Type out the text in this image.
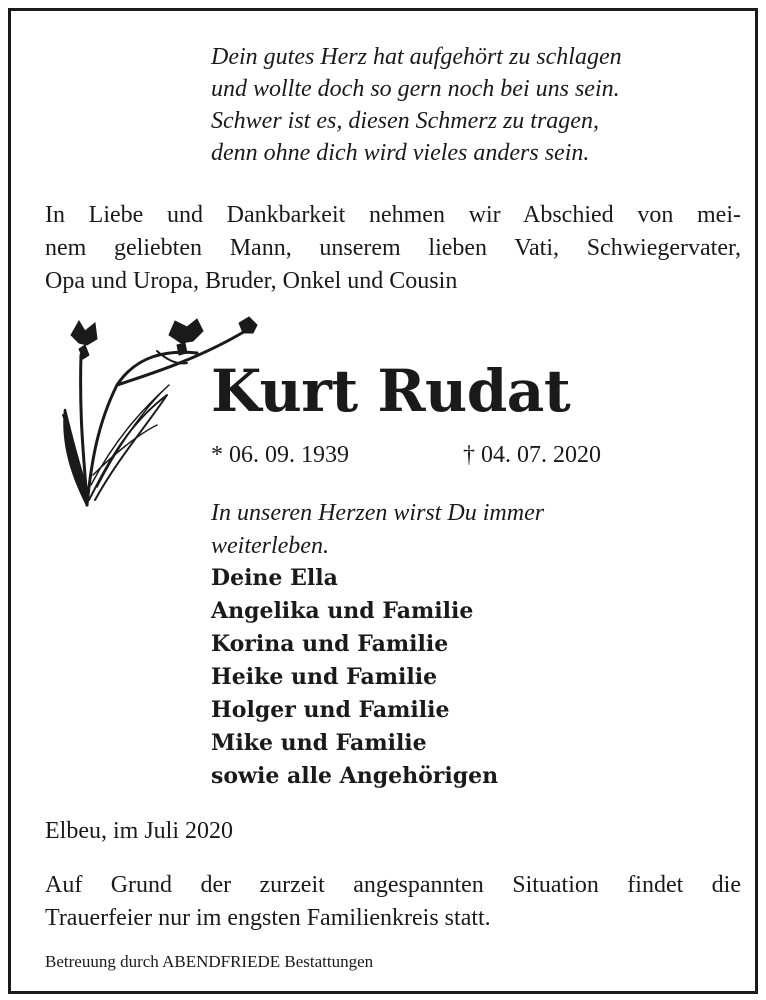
Dein gutes Herz hat aufgehört zu schlagen
und wollte doch so gern noch bei uns sein.
Schwer ist es, diesen Schmerz zu tragen,
denn ohne dich wird vieles anders sein.
In Liebe und Dankbarkeit nehmen wir Abschied von mei-
nem geliebten Mann, unserem lieben Vati, Schwiegervater,
Opa und Uropa, Bruder, Onkel und Cousin
Kurt Rudat
* 06. 09. 1939	† 04. 07. 2020
In unseren Herzen wirst Du immer
weiterleben.
Deine Ella
Angelika und Familie
Korina und Familie
Heike und Familie
Holger und Familie
Mike und Familie
sowie alle Angehörigen
Elbeu, im Juli 2020
Auf Grund der zurzeit angespannten Situation findet die
Trauerfeier nur im engsten Familienkreis statt.
Betreuung durch ABENDFRIEDE Bestattungen
